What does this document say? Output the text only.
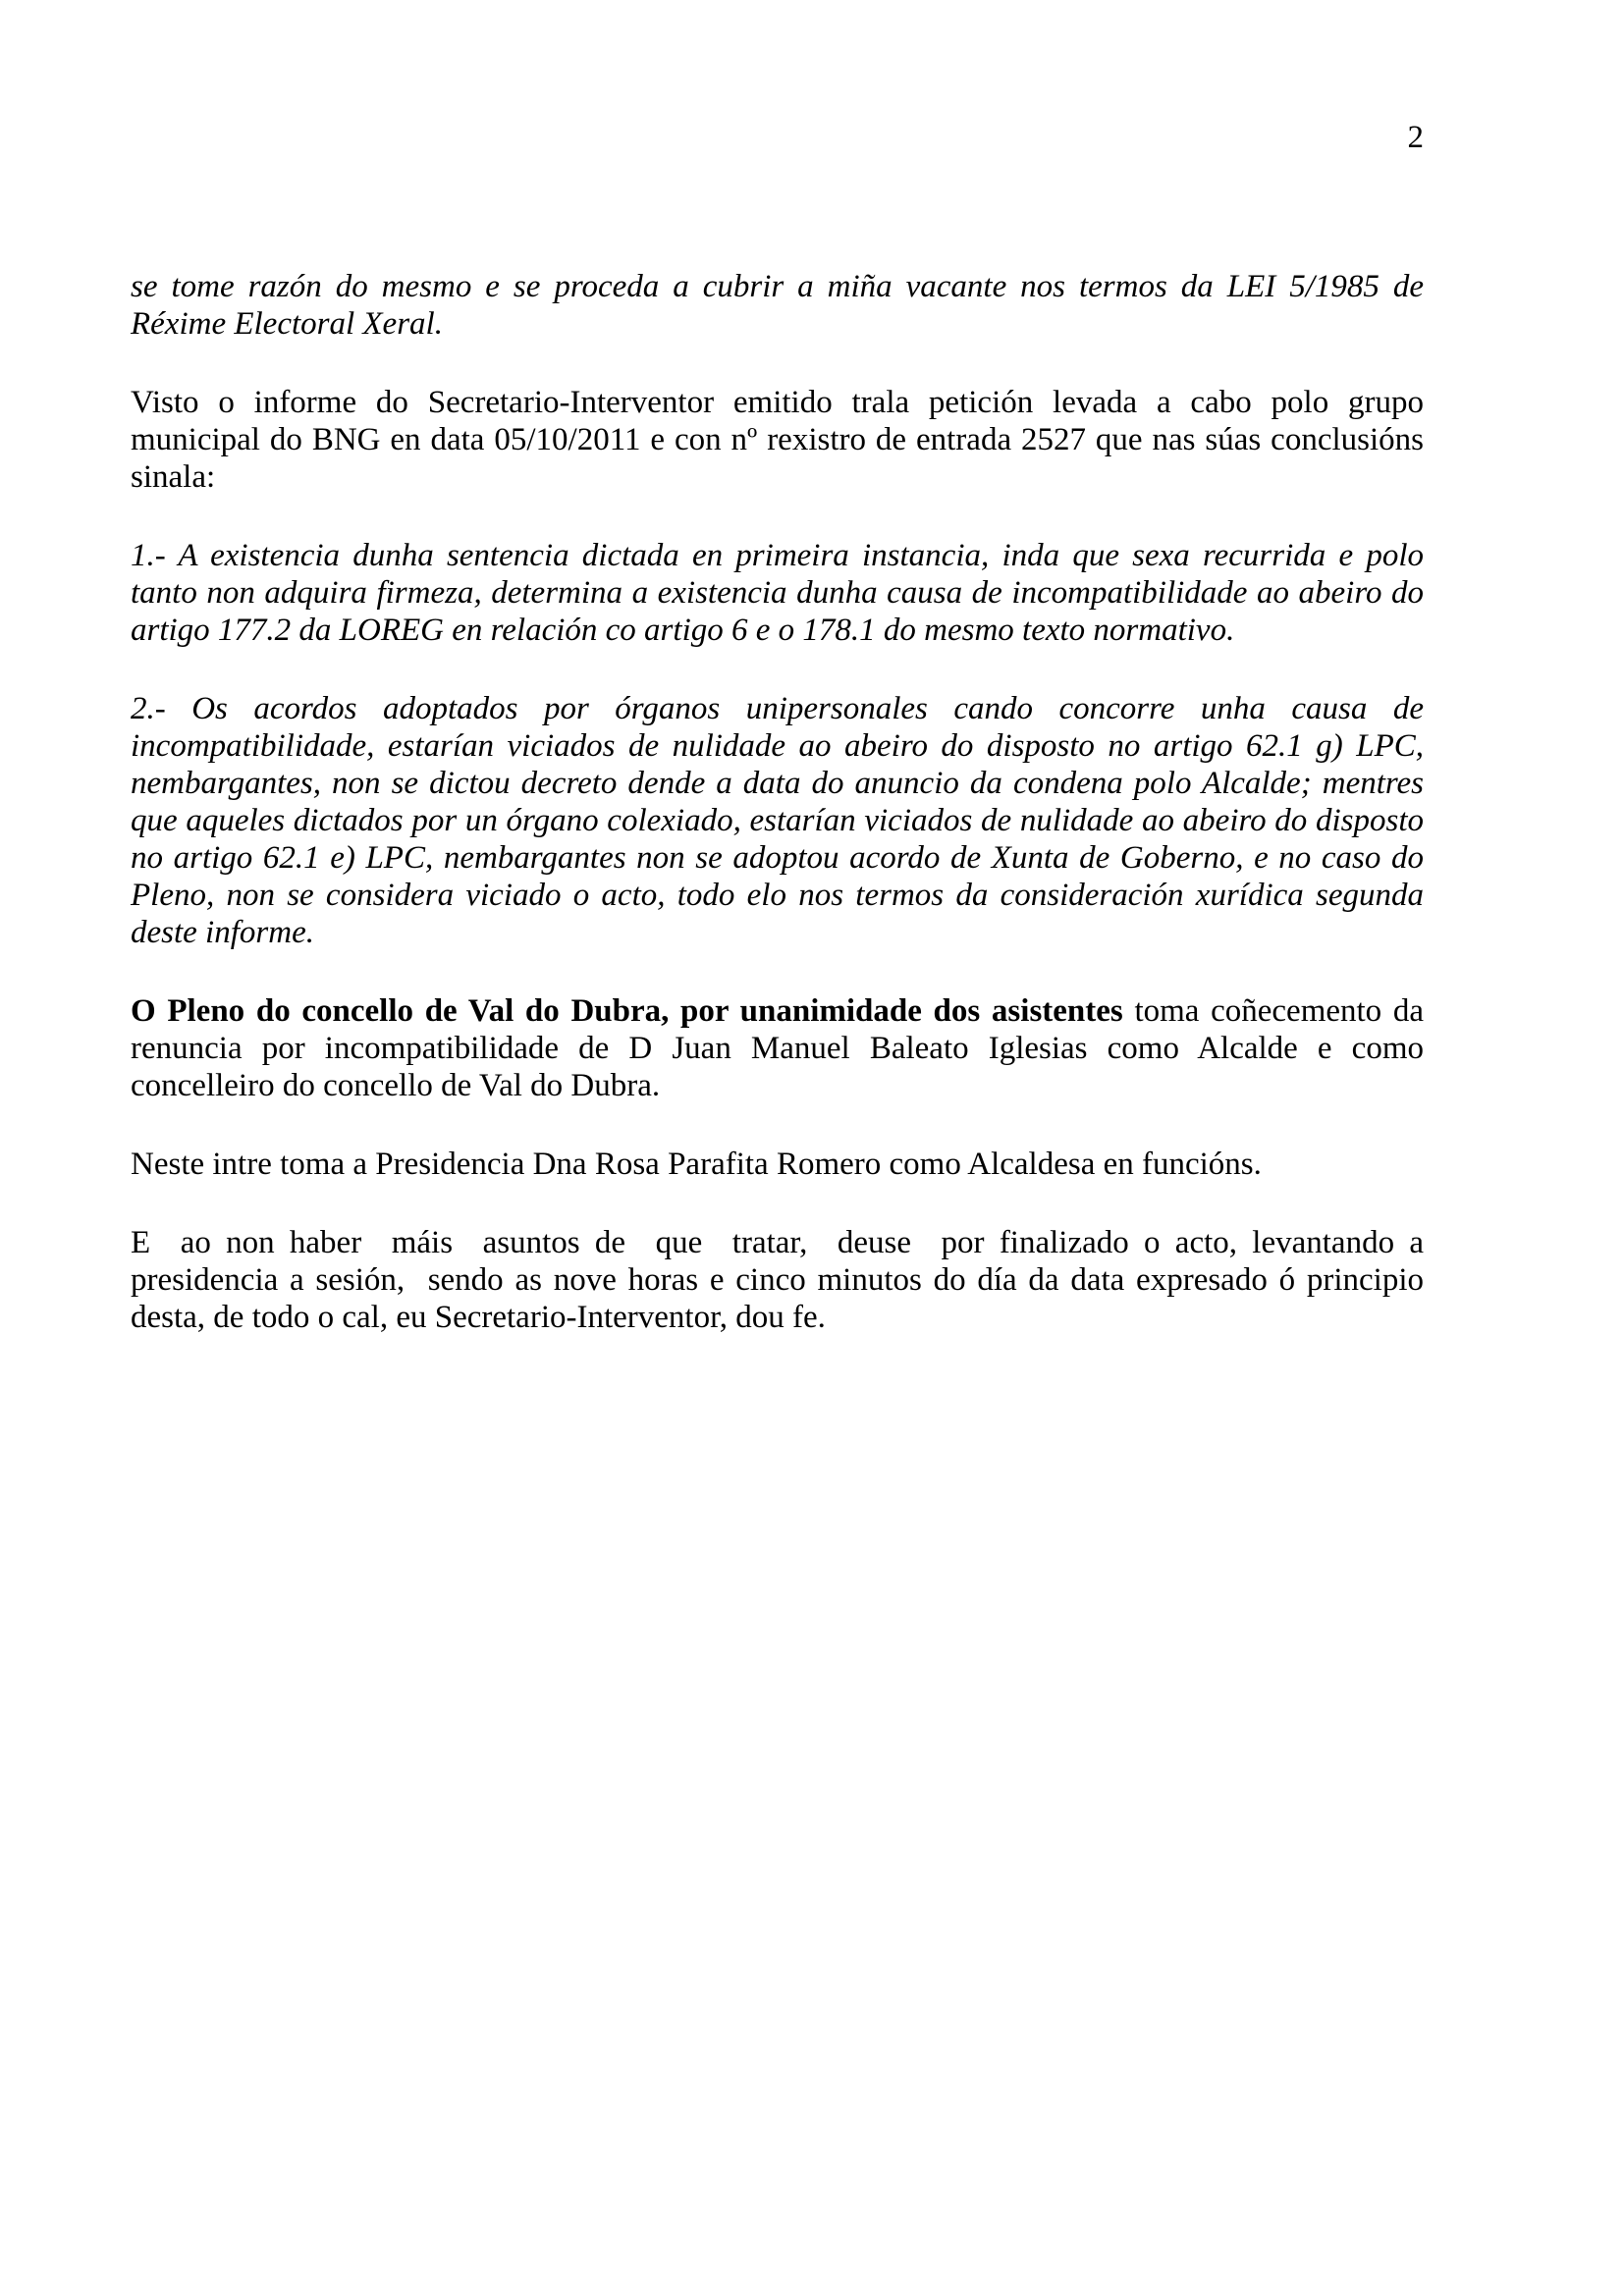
2

se tome razón do mesmo e se proceda a cubrir a miña vacante nos termos da LEI 5/1985 de Réxime Electoral Xeral.

Visto o informe do Secretario-Interventor emitido trala petición levada a cabo polo grupo municipal do BNG en data 05/10/2011 e con nº rexistro de entrada 2527 que nas súas conclusións sinala:

1.- A existencia dunha sentencia dictada en primeira instancia, inda que sexa recurrida e polo tanto non adquira firmeza, determina a existencia dunha causa de incompatibilidade ao abeiro do artigo 177.2 da LOREG en relación co artigo 6 e o 178.1 do mesmo texto normativo.

2.- Os acordos adoptados por órganos unipersonales cando concorre unha causa de incompatibilidade, estarían viciados de nulidade ao abeiro do disposto no artigo 62.1 g) LPC, nembargantes, non se dictou decreto dende a data do anuncio da condena polo Alcalde; mentres que aqueles dictados por un órgano colexiado, estarían viciados de nulidade ao abeiro do disposto no artigo 62.1 e) LPC, nembargantes non se adoptou acordo de Xunta de Goberno, e no caso do Pleno, non se considera viciado o acto, todo elo nos termos da consideración xurídica segunda deste informe.

O Pleno do concello de Val do Dubra, por unanimidade dos asistentes toma coñecemento da renuncia por incompatibilidade de D Juan Manuel Baleato Iglesias como Alcalde e como concelleiro do concello de Val do Dubra.

Neste intre toma a Presidencia Dna Rosa Parafita Romero como Alcaldesa en funcións.

E  ao non haber  máis  asuntos de  que  tratar,  deuse  por finalizado o acto, levantando a presidencia a sesión,  sendo as nove horas e cinco minutos do día da data expresado ó principio desta, de todo o cal, eu Secretario-Interventor, dou fe.
